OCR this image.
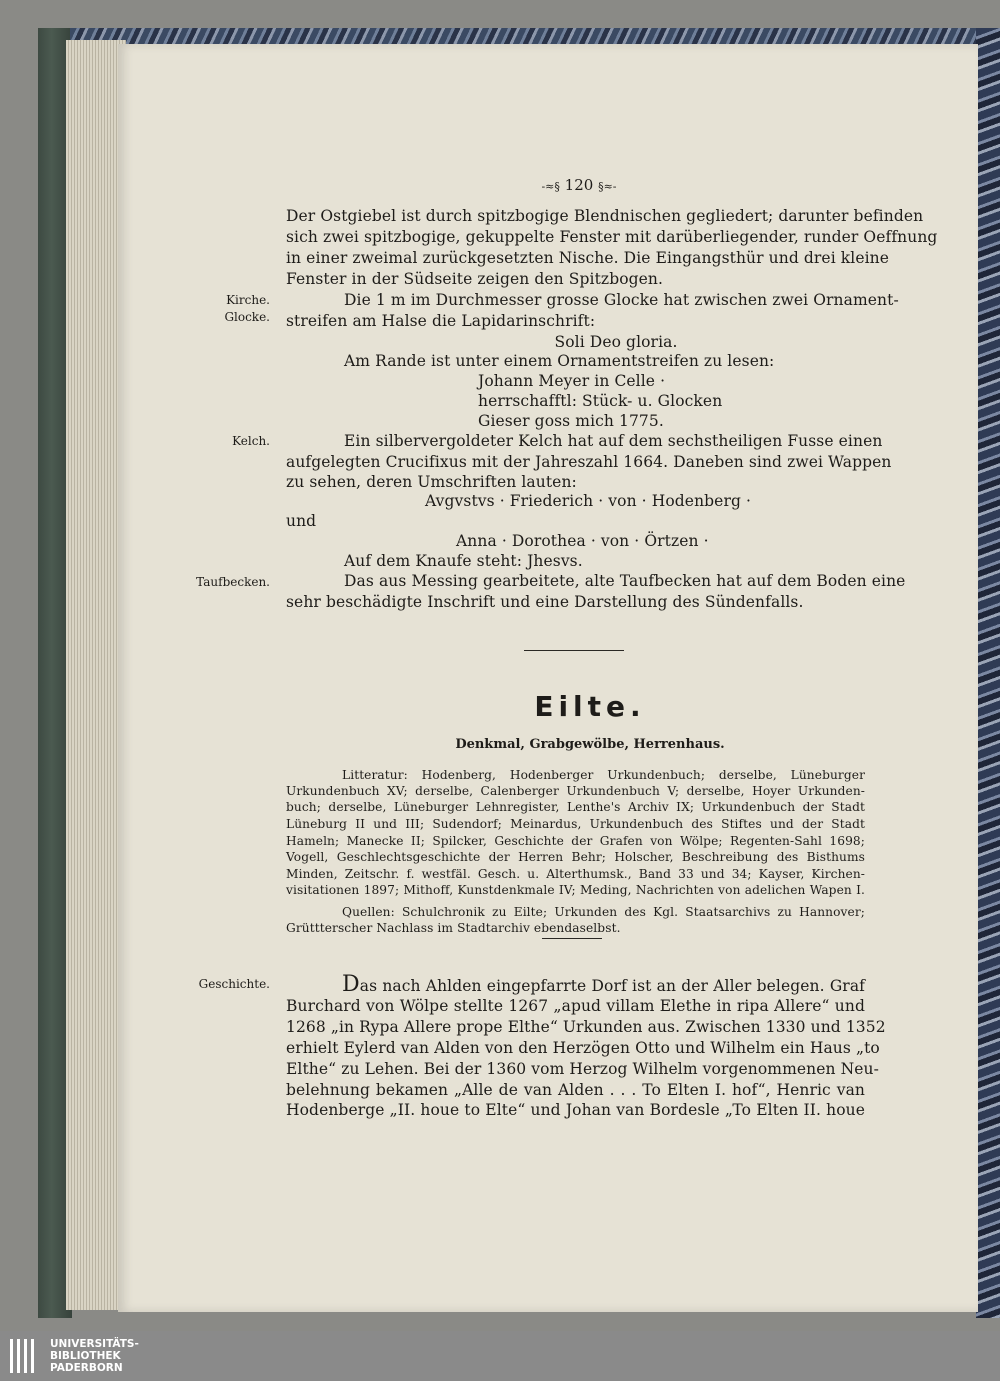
-≈§ 120 §≈-
Der Ostgiebel ist durch spitzbogige Blendnischen gegliedert; darunter befinden
sich zwei spitzbogige, gekuppelte Fenster mit darüberliegender, runder Oeffnung
in einer zweimal zurückgesetzten Nische. Die Eingangsthür und drei kleine
Fenster in der Südseite zeigen den Spitzbogen.
Kirche.
Glocke.
Die 1 m im Durchmesser grosse Glocke hat zwischen zwei Ornament-
streifen am Halse die Lapidarinschrift:
Soli Deo gloria.
Am Rande ist unter einem Ornamentstreifen zu lesen:
Johann Meyer in Celle ·
herrschafftl: Stück- u. Glocken
Gieser goss mich 1775.
Kelch.	Ein silbervergoldeter Kelch hat auf dem sechstheiligen Fusse einen
aufgelegten Crucifixus mit der Jahreszahl 1664. Daneben sind zwei Wappen
zu sehen, deren Umschriften lauten:
Avgvstvs · Friederich · von · Hodenberg ·
und
Anna · Dorothea · von · Örtzen ·
Auf dem Knaufe steht: Jhesvs.
Taufbecken.	Das aus Messing gearbeitete, alte Taufbecken hat auf dem Boden eine
sehr beschädigte Inschrift und eine Darstellung des Sündenfalls.
Eilte.
Denkmal, Grabgewölbe, Herrenhaus.
Litteratur: Hodenberg, Hodenberger Urkundenbuch; derselbe, Lüneburger
Urkundenbuch XV; derselbe, Calenberger Urkundenbuch V; derselbe, Hoyer Urkunden-
buch; derselbe, Lüneburger Lehnregister, Lenthe's Archiv IX; Urkundenbuch der Stadt
Lüneburg II und III; Sudendorf; Meinardus, Urkundenbuch des Stiftes und der Stadt
Hameln; Manecke II; Spilcker, Geschichte der Grafen von Wölpe; Regenten-Sahl 1698;
Vogell, Geschlechtsgeschichte der Herren Behr; Holscher, Beschreibung des Bisthums
Minden, Zeitschr. f. westfäl. Gesch. u. Alterthumsk., Band 33 und 34; Kayser, Kirchen-
visitationen 1897; Mithoff, Kunstdenkmale IV; Meding, Nachrichten von adelichen Wapen I.
Quellen: Schulchronik zu Eilte; Urkunden des Kgl. Staatsarchivs zu Hannover;
Grüttterscher Nachlass im Stadtarchiv ebendaselbst.
Geschichte.	Das nach Ahlden eingepfarrte Dorf ist an der Aller belegen. Graf
Burchard von Wölpe stellte 1267 „apud villam Elethe in ripa Allere“ und
1268 „in Rypa Allere prope Elthe“ Urkunden aus. Zwischen 1330 und 1352
erhielt Eylerd van Alden von den Herzögen Otto und Wilhelm ein Haus „to
Elthe“ zu Lehen. Bei der 1360 vom Herzog Wilhelm vorgenommenen Neu-
belehnung bekamen „Alle de van Alden . . . To Elten I. hof“, Henric van
Hodenberge „II. houe to Elte“ und Johan van Bordesle „To Elten II. houe
UNIVERSITÄTS-
BIBLIOTHEK
PADERBORN
